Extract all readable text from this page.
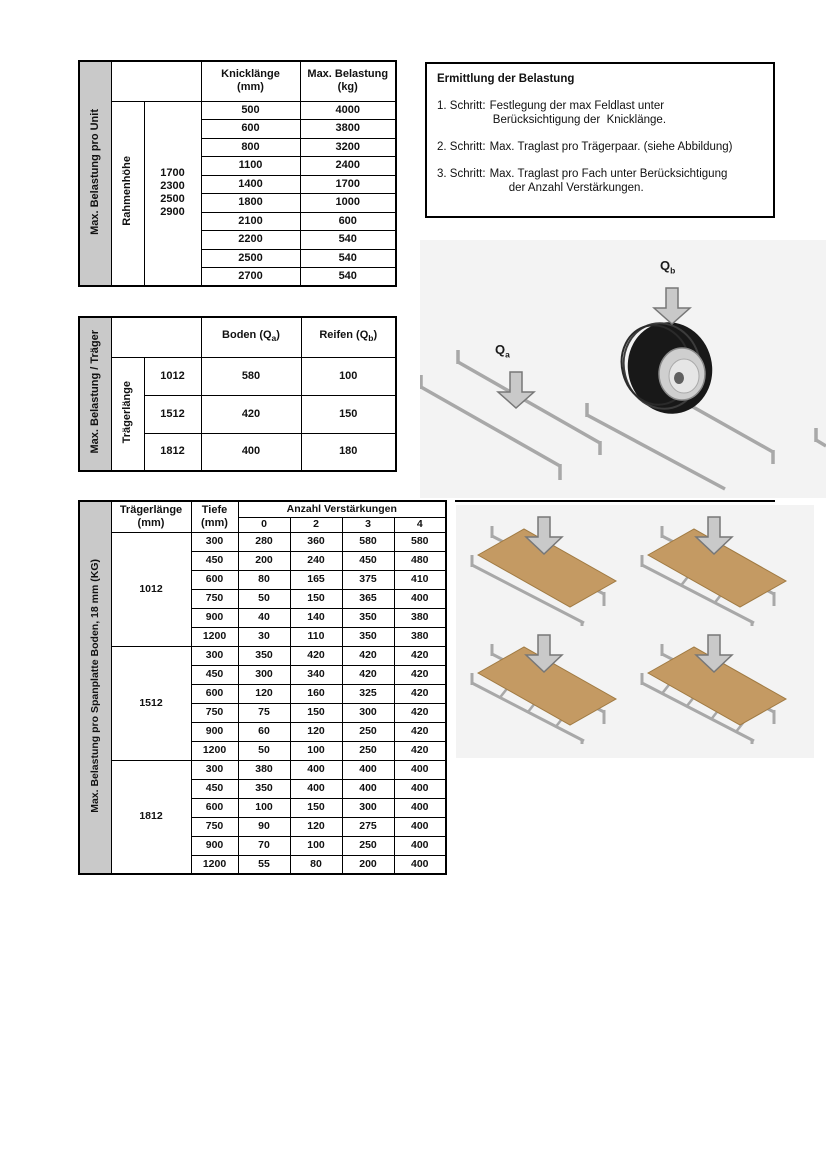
Max. Belastung pro Unit		
Knicklänge
(mm)

Max. Belastung
(kg)

	Rahmenhöhe	1700
2300
2500
2900	500	4000
			600	3800
			800	3200
			1100	2400
			1400	1700
			1800	1000
			2100	600
			2200	540
			2500	540
			2700	540
Ermittlung der Belastung
1. Schritt: Festlegung der max Feldlast unter
Berücksichtigung der  Knicklänge.
2. Schritt: Max. Traglast pro Trägerpaar. (siehe Abbildung)
3. Schritt: Max. Traglast pro Fach unter Berücksichtigung
der Anzahl Verstärkungen.
$Q_a$
$Q_b$
Max. Belastung / Träger			Boden $(Q_a)$	Reifen $(Q_b)$
	Trägerlänge	1012	580	100
		1512	420	150
		1812	400	180
Max. Belastung pro Spanplatte Boden, 18 mm (KG)	
Trägerlänge
(mm)

Tiefe
(mm)
	Anzahl Verstärkungen
			0	2	3	4
	1012	300	280	360	580	580
		450	200	240	450	480
		600	80	165	375	410
		750	50	150	365	400
		900	40	140	350	380
		1200	30	110	350	380
	1512	300	350	420	420	420
		450	300	340	420	420
		600	120	160	325	420
		750	75	150	300	420
		900	60	120	250	420
		1200	50	100	250	420
	1812	300	380	400	400	400
		450	350	400	400	400
		600	100	150	300	400
		750	90	120	275	400
		900	70	100	250	400
		1200	55	80	200	400
